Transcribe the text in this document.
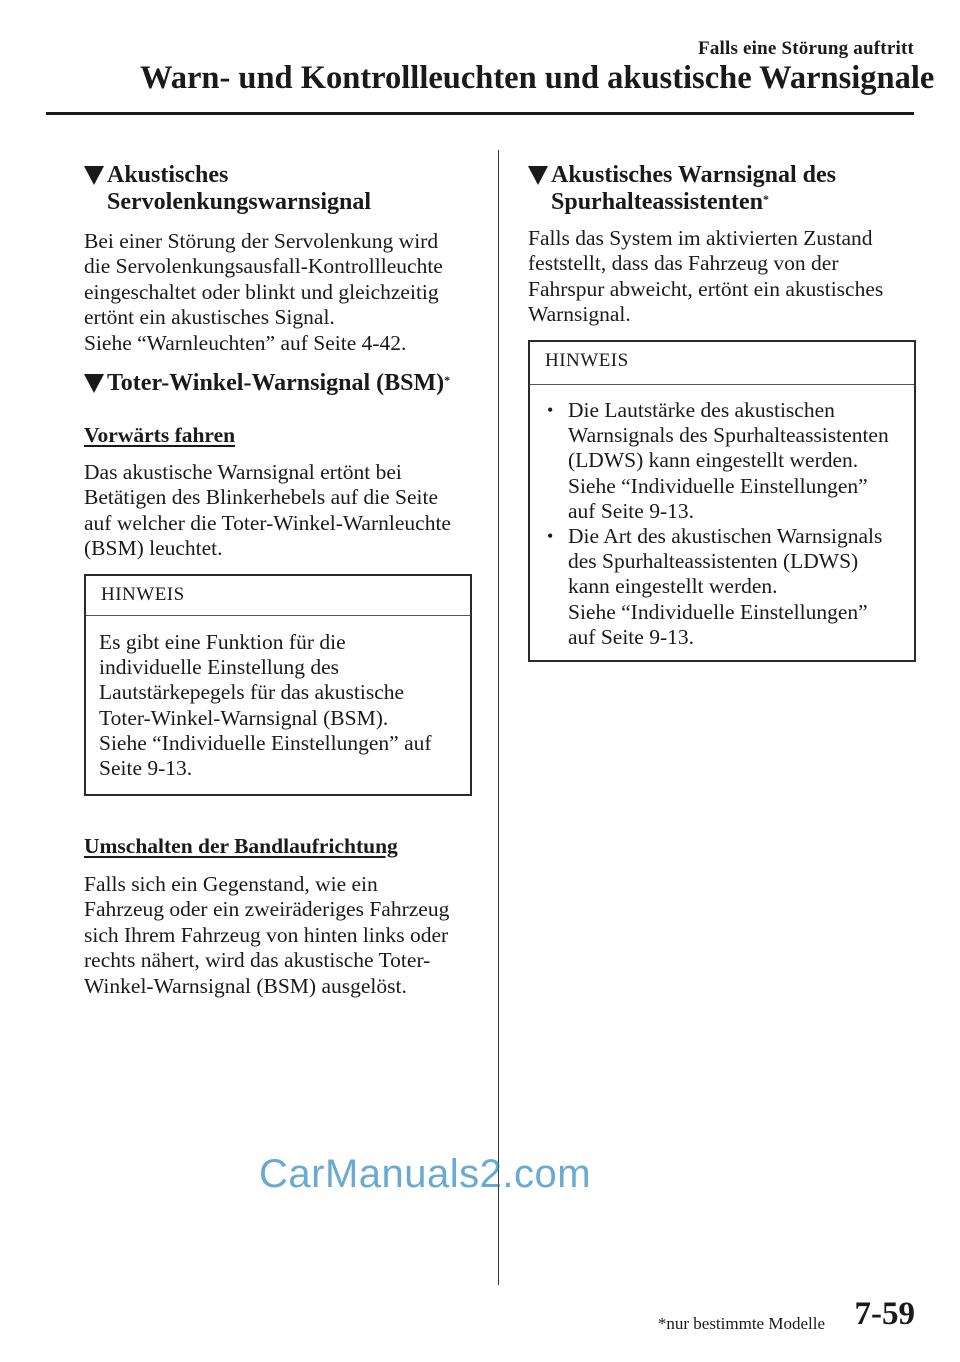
Falls eine Störung auftritt
Warn- und Kontrollleuchten und akustische Warnsignale
Akustisches
Servolenkungswarnsignal
Bei einer Störung der Servolenkung wird
die Servolenkungsausfall-Kontrollleuchte
eingeschaltet oder blinkt und gleichzeitig
ertönt ein akustisches Signal.
Siehe “Warnleuchten” auf Seite 4-42.
Toter-Winkel-Warnsignal (BSM)*
Vorwärts fahren
Das akustische Warnsignal ertönt bei
Betätigen des Blinkerhebels auf die Seite
auf welcher die Toter-Winkel-Warnleuchte
(BSM) leuchtet.
HINWEIS
Es gibt eine Funktion für die
individuelle Einstellung des
Lautstärkepegels für das akustische
Toter-Winkel-Warnsignal (BSM).
Siehe “Individuelle Einstellungen” auf
Seite 9-13.
Umschalten der Bandlaufrichtung
Falls sich ein Gegenstand, wie ein
Fahrzeug oder ein zweiräderiges Fahrzeug
sich Ihrem Fahrzeug von hinten links oder
rechts nähert, wird das akustische Toter-
Winkel-Warnsignal (BSM) ausgelöst.
Akustisches Warnsignal des
Spurhalteassistenten*
Falls das System im aktivierten Zustand
feststellt, dass das Fahrzeug von der
Fahrspur abweicht, ertönt ein akustisches
Warnsignal.
HINWEIS
• Die Lautstärke des akustischen
Warnsignals des Spurhalteassistenten
(LDWS) kann eingestellt werden.
Siehe “Individuelle Einstellungen”
auf Seite 9-13.
• Die Art des akustischen Warnsignals
des Spurhalteassistenten (LDWS)
kann eingestellt werden.
Siehe “Individuelle Einstellungen”
auf Seite 9-13.
CarManuals2.com
*nur bestimmte Modelle 7-59
